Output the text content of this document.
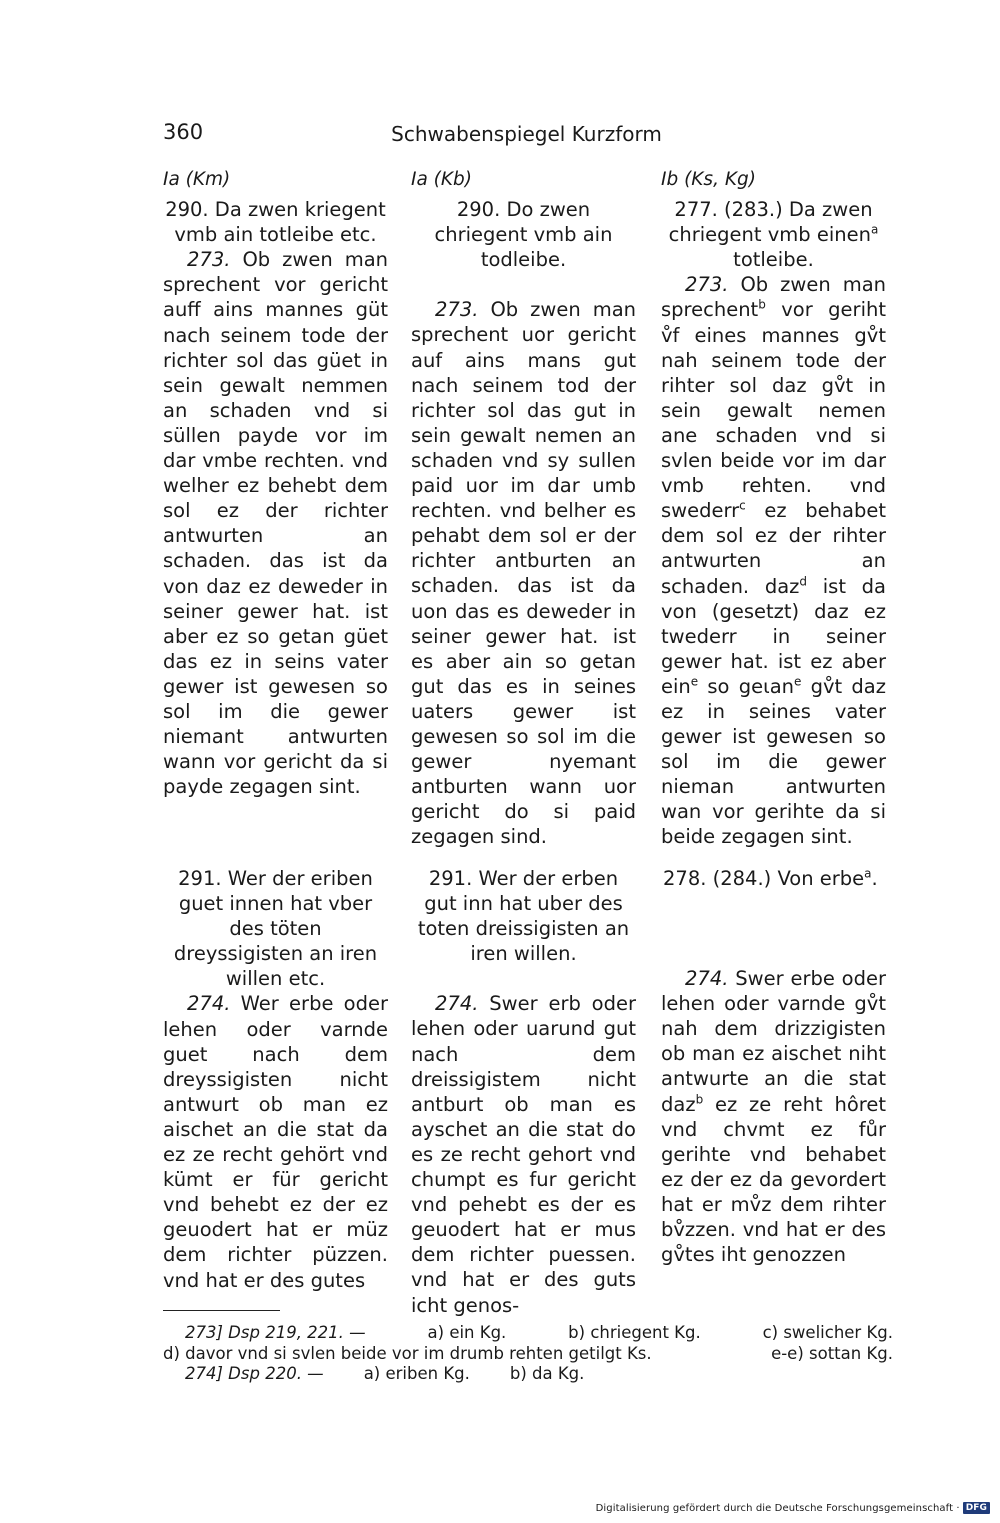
360	Schwabenspiegel Kurzform
Ia (Km)
290. Da zwen kriegent vmb ain totleibe etc.
273. Ob zwen man sprechent vor gericht auff ains mannes güt nach seinem tode der richter sol das güet in sein gewalt nemmen an schaden vnd si süllen payde vor im dar vmbe rechten. vnd welher ez behebt dem sol ez der richter antwurten an schaden. das ist da von daz ez deweder in seiner gewer hat. ist aber ez so getan güet das ez in seins vater gewer ist gewesen so sol im die gewer niemant antwurten wann vor gericht da si payde zegagen sint.
291. Wer der eriben guet innen hat vber des töten dreyssigisten an iren willen etc.
274. Wer erbe oder lehen oder varnde guet nach dem dreyssigisten nicht antwurt ob man ez aischet an die stat da ez ze recht gehört vnd kümt er für gericht vnd behebt ez der ez geuodert hat er müz dem richter püzzen. vnd hat er des gutes
Ia (Kb)
290. Do zwen chriegent vmb ain todleibe.
273. Ob zwen man sprechent uor gericht auf ains mans gut nach seinem tod der richter sol das gut in sein gewalt nemen an schaden vnd sy sullen paid uor im dar umb rechten. vnd belher es pehabt dem sol er der richter antburten an schaden. das ist da uon das es deweder in seiner gewer hat. ist es aber ain so getan gut das es in seines uaters gewer ist gewesen so sol im die gewer nyemant antburten wann uor gericht do si paid zegagen sind.
291. Wer der erben gut inn hat uber des toten dreissigisten an iren willen.
274. Swer erb oder lehen oder uarund gut nach dem dreissigistem nicht antburt ob man es ayschet an die stat do es ze recht gehort vnd chumpt es fur gericht vnd pehebt es der es geuodert hat er mus dem richter puessen. vnd hat er des guts icht genos-
Ib (Ks, Kg)
277. (283.) Da zwen chriegent vmb einen$^a$ totleibe.
273. Ob zwen man sprechent$^b$ vor geriht v̊f eines mannes gv̊t nah seinem tode der rihter sol daz gv̊t in sein gewalt nemen ane schaden vnd si svlen beide vor im dar vmb rehten. vnd swederr$^c$ ez behabet dem sol ez der rihter antwurten an schaden. daz$^d$ ist da von (gesetzt) daz ez twederr in seiner gewer hat. ist ez aber ein$^e$ so geɩan$^e$ gv̊t daz ez in seines vater gewer ist gewesen so sol im die gewer nieman antwurten wan vor gerihte da si beide zegagen sint.
278. (284.) Von erbe$^a$.
274. Swer erbe oder lehen oder varnde gv̊t nah dem drizzigisten ob man ez aischet niht antwurte an die stat daz$^b$ ez ze reht hôret vnd chvmt ez fůr gerihte vnd behabet ez der ez da gevordert hat er mv̊z dem rihter bv̊zzen. vnd hat er des gv̊tes iht genozzen
273] Dsp 219, 221. —	a) ein Kg.	b) chriegent Kg.	c) swelicher Kg.
d) davor vnd si svlen beide vor im drumb rehten getilgt Ks.	e-e) sottan Kg.
274] Dsp 220. — a) eriben Kg. b) da Kg.
Digitalisierung gefördert durch die Deutsche Forschungsgemeinschaft · DFG
